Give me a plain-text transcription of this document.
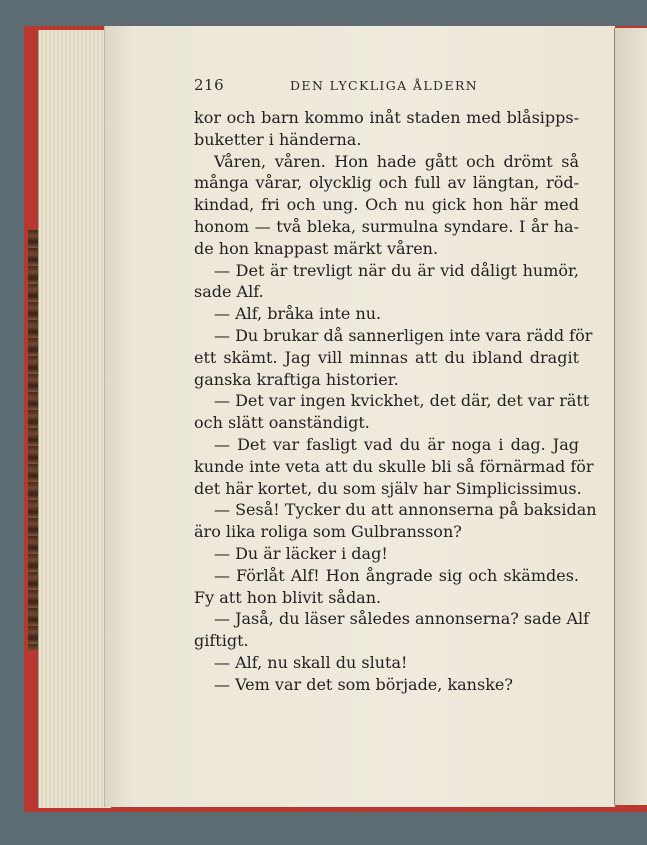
216	DEN LYCKLIGA ÅLDERN
kor och barn kommo inåt staden med blåsipps-
buketter i händerna.
Våren, våren. Hon hade gått och drömt så
många vårar, olycklig och full av längtan, röd-
kindad, fri och ung. Och nu gick hon här med
honom — två bleka, surmulna syndare. I år ha-
de hon knappast märkt våren.
— Det är trevligt när du är vid dåligt humör,
sade Alf.
— Alf, bråka inte nu.
— Du brukar då sannerligen inte vara rädd för
ett skämt. Jag vill minnas att du ibland dragit
ganska kraftiga historier.
— Det var ingen kvickhet, det där, det var rätt
och slätt oanständigt.
— Det var fasligt vad du är noga i dag. Jag
kunde inte veta att du skulle bli så förnärmad för
det här kortet, du som själv har Simplicissimus.
— Seså! Tycker du att annonserna på baksidan
äro lika roliga som Gulbransson?
— Du är läcker i dag!
— Förlåt Alf! Hon ångrade sig och skämdes.
Fy att hon blivit sådan.
— Jaså, du läser således annonserna? sade Alf
giftigt.
— Alf, nu skall du sluta!
— Vem var det som började, kanske?
